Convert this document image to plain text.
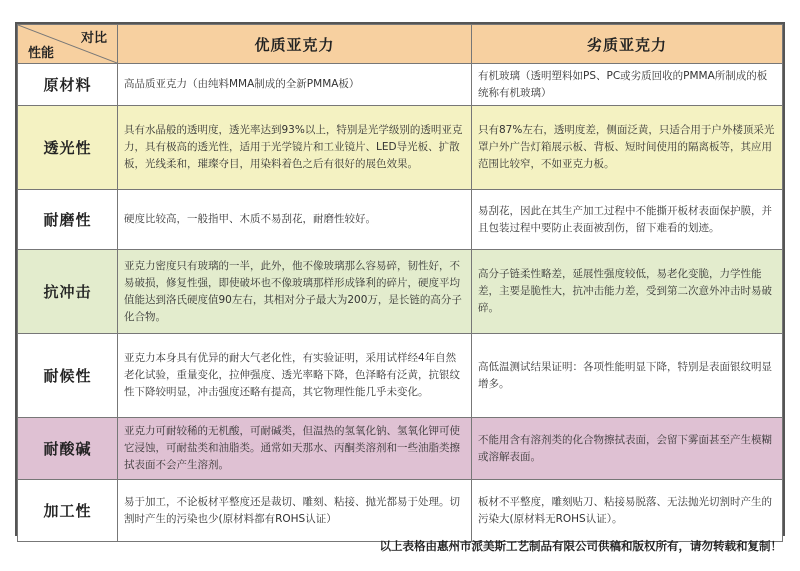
对比
性能	优质亚克力	劣质亚克力
原材料	高品质亚克力（由纯料MMA制成的全新PMMA板）	有机玻璃（透明塑料如PS、PC或劣质回收的PMMA所制成的板统称有机玻璃）
透光性	具有水晶般的透明度，透光率达到93%以上，特别是光学级别的透明亚克力，具有极高的透光性，适用于光学镜片和工业镜片、LED导光板、扩散板，光线柔和，璀璨夺目，用染料着色之后有很好的展色效果。	只有87%左右，透明度差，侧面泛黄，只适合用于户外楼顶采光罩户外广告灯箱展示板、背板、短时间使用的隔离板等，其应用范围比较窄，不如亚克力板。
耐磨性	硬度比较高，一般指甲、木质不易刮花，耐磨性较好。	易刮花，因此在其生产加工过程中不能撕开板材表面保护膜，并且包装过程中要防止表面被刮伤，留下难看的划迹。
抗冲击	亚克力密度只有玻璃的一半，此外，他不像玻璃那么容易碎，韧性好，不易破损，修复性强，即使破坏也不像玻璃那样形成锋利的碎片，硬度平均值能达到洛氏硬度值90左右，其相对分子最大为200万，是长链的高分子化合物。	高分子链柔性略差，延展性强度较低，易老化变脆，力学性能差，主要是脆性大，抗冲击能力差，受到第二次意外冲击时易破碎。
耐候性	亚克力本身具有优异的耐大气老化性，有实验证明，采用试样经4年自然老化试验，重量变化，拉伸强度、透光率略下降，色泽略有泛黄，抗银纹性下降较明显，冲击强度还略有提高，其它物理性能几乎未变化。	高低温测试结果证明：各项性能明显下降，特别是表面银纹明显增多。
耐酸碱	亚克力可耐较稀的无机酸，可耐碱类，但温热的氢氧化钠、氢氧化钾可使它浸蚀，可耐盐类和油脂类。通常如天那水、丙酮类溶剂和一些油脂类擦拭表面不会产生溶剂。	不能用含有溶剂类的化合物擦拭表面，会留下雾面甚至产生模糊或溶解表面。
加工性	易于加工，不论板材平整度还是裁切、雕刻、粘接、抛光都易于处理。切割时产生的污染也少(原材料都有ROHS认证）	板材不平整度，雕刻贴刀、粘接易脱落、无法抛光切割时产生的污染大(原材料无ROHS认证）。
以上表格由惠州市派美斯工艺制品有限公司供稿和版权所有，请勿转载和复制！
